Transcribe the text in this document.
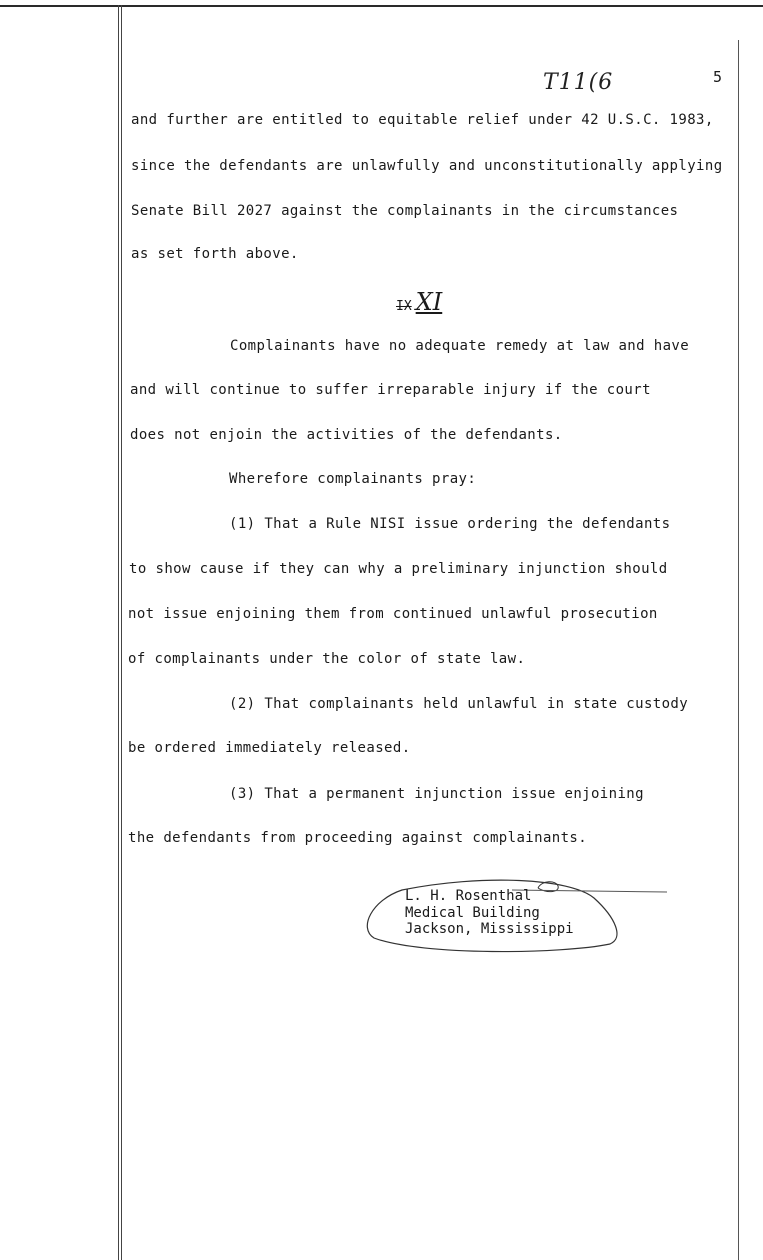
T11(6	5
and further are entitled to equitable relief under 42 U.S.C. 1983,
since the defendants are unlawfully and unconstitutionally applying
Senate Bill 2027 against the complainants in the circumstances
as set forth above.
IX XI
Complainants have no adequate remedy at law and have
and will continue to suffer irreparable injury if the court
does not enjoin the activities of the defendants.
Wherefore complainants pray:
(1) That a Rule NISI issue ordering the defendants
to show cause if they can why a preliminary injunction should
not issue enjoining them from continued unlawful prosecution
of complainants under the color of state law.
(2) That complainants held unlawful in state custody
be ordered immediately released.
(3) That a permanent injunction issue enjoining
the defendants from proceeding against complainants.
L. H. Rosenthal
Medical Building
Jackson, Mississippi
